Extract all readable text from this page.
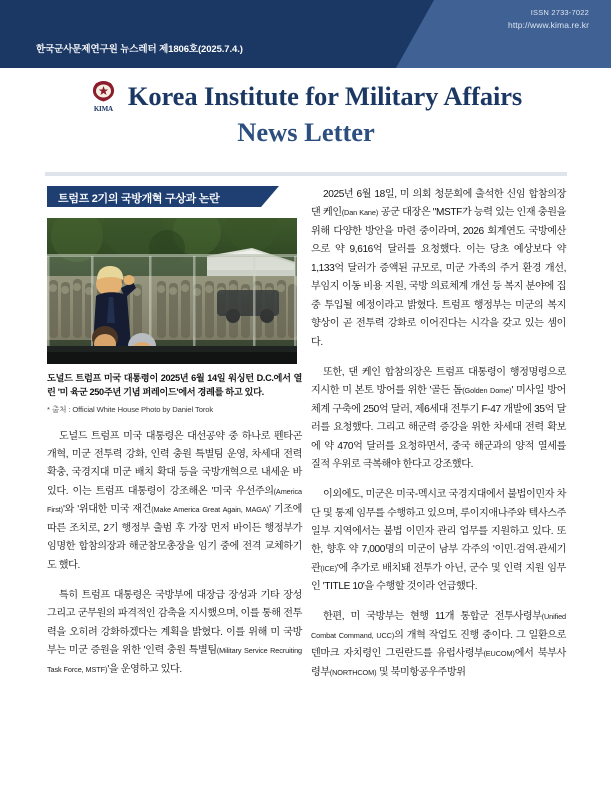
ISSN 2733-7022
http://www.kima.re.kr
한국군사문제연구원 뉴스레터 제1806호(2025.7.4.)
KIMA Korea Institute for Military Affairs
News Letter
트럼프 2기의 국방개혁 구상과 논란
도널드 트럼프 미국 대통령이 2025년 6월 14일 워싱턴 D.C.에서 열린 '미 육군 250주년 기념 퍼레이드'에서 경례를 하고 있다.
* 출처 : Official White House Photo by Daniel Torok

도널드 트럼프 미국 대통령은 대선공약 중 하나로 펜타곤 개혁, 미군 전투력 강화, 인력 충원 특별팀 운영, 차세대 전력 확충, 국경지대 미군 배치 확대 등을 국방개혁으로 내세운 바 있다. 이는 트럼프 대통령이 강조해온 '미국 우선주의(America First)'와 '위대한 미국 재건(Make America Great Again, MAGA)' 기조에 따른 조치로, 2기 행정부 출범 후 가장 먼저 바이든 행정부가 임명한 합참의장과 해군참모총장을 임기 중에 전격 교체하기도 했다.

특히 트럼프 대통령은 국방부에 대장급 장성과 기타 장성 그리고 군무원의 파격적인 감축을 지시했으며, 이를 통해 전투력을 오히려 강화하겠다는 계획을 밝혔다. 이를 위해 미 국방부는 미군 증원을 위한 '인력 충원 특별팀(Military Service Recruiting Task Force, MSTF)'을 운영하고 있다.

2025년 6월 18일, 미 의회 청문회에 출석한 신임 합참의장 댄 케인(Dan Kane) 공군 대장은 "MSTF가 능력 있는 인재 충원을 위해 다양한 방안을 마련 중이라며, 2026 회계연도 국방예산으로 약 9,616억 달러를 요청했다. 이는 당초 예상보다 약 1,133억 달러가 증액된 규모로, 미군 가족의 주거 환경 개선, 부임지 이동 비용 지원, 국방 의료체계 개선 등 복지 분야에 집중 투입될 예정이라고 밝혔다. 트럼프 행정부는 미군의 복지 향상이 곧 전투력 강화로 이어진다는 시각을 갖고 있는 셈이다.

또한, 댄 케인 합참의장은 트럼프 대통령이 행정명령으로 지시한 미 본토 방어를 위한 '골든 돔(Golden Dome)' 미사일 방어체계 구축에 250억 달러, 제6세대 전투기 F-47 개발에 35억 달러를 요청했다. 그리고 해군력 증강을 위한 차세대 전력 확보에 약 470억 달러를 요청하면서, 중국 해군과의 양적 열세를 질적 우위로 극복해야 한다고 강조했다.

이외에도, 미군은 미국-멕시코 국경지대에서 불법이민자 차단 및 통제 임무를 수행하고 있으며, 루이지애나주와 텍사스주 일부 지역에서는 불법 이민자 관리 업무를 지원하고 있다. 또한, 향후 약 7,000명의 미군이 남부 각주의 '이민·검역·관세기관(ICE)'에 추가로 배치돼 전투가 아닌, 군수 및 인력 지원 임무인 'TITLE 10'을 수행할 것이라 언급했다.

한편, 미 국방부는 현행 11개 통합군 전투사령부(Unified Combat Command, UCC)의 개혁 작업도 진행 중이다. 그 일환으로 덴마크 자치령인 그린란드를 유럽사령부(EUCOM)에서 북부사령부(NORTHCOM) 및 북미항공우주방위
